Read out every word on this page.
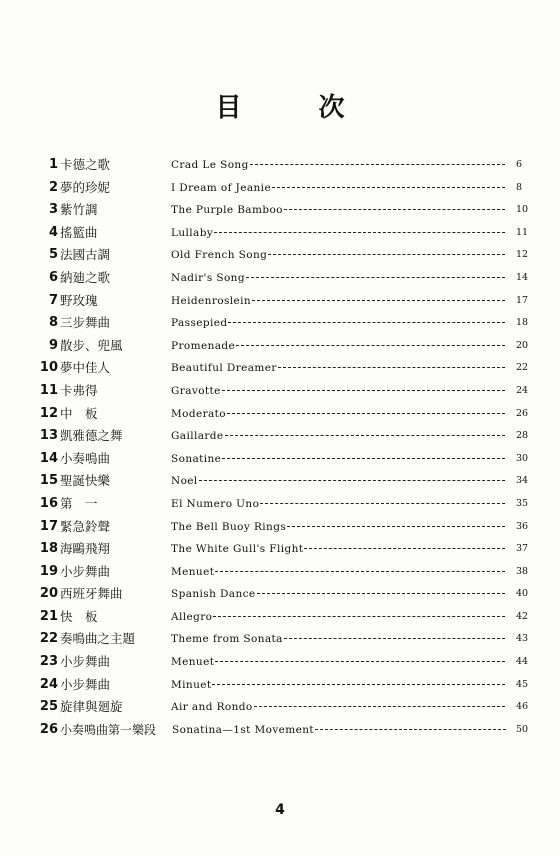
目 次
1 卡德之歌	Crad Le Song	6
2 夢的珍妮	I Dream of Jeanie	8
3 紫竹調	The Purple Bamboo	10
4 搖籃曲	Lullaby	11
5 法國古調	Old French Song	12
6 納廸之歌	Nadir's Song	14
7 野玫瑰	Heidenroslein	17
8 三步舞曲	Passepied	18
9 散步、兜風	Promenade	20
10 夢中佳人	Beautiful Dreamer	22
11 卡弗得	Gravotte	24
12 中　板	Moderato	26
13 凱雅德之舞	Gaillarde	28
14 小奏鳴曲	Sonatine	30
15 聖誕快樂	Noel	34
16 第　一	El Numero Uno	35
17 緊急鈴聲	The Bell Buoy Rings	36
18 海鷗飛翔	The White Gull's Flight	37
19 小步舞曲	Menuet	38
20 西班牙舞曲	Spanish Dance	40
21 快　板	Allegro	42
22 奏鳴曲之主題	Theme from Sonata	43
23 小步舞曲	Menuet	44
24 小步舞曲	Minuet	45
25 旋律與廻旋	Air and Rondo	46
26 小奏鳴曲第一樂段 Sonatina—1st Movement	50
4
